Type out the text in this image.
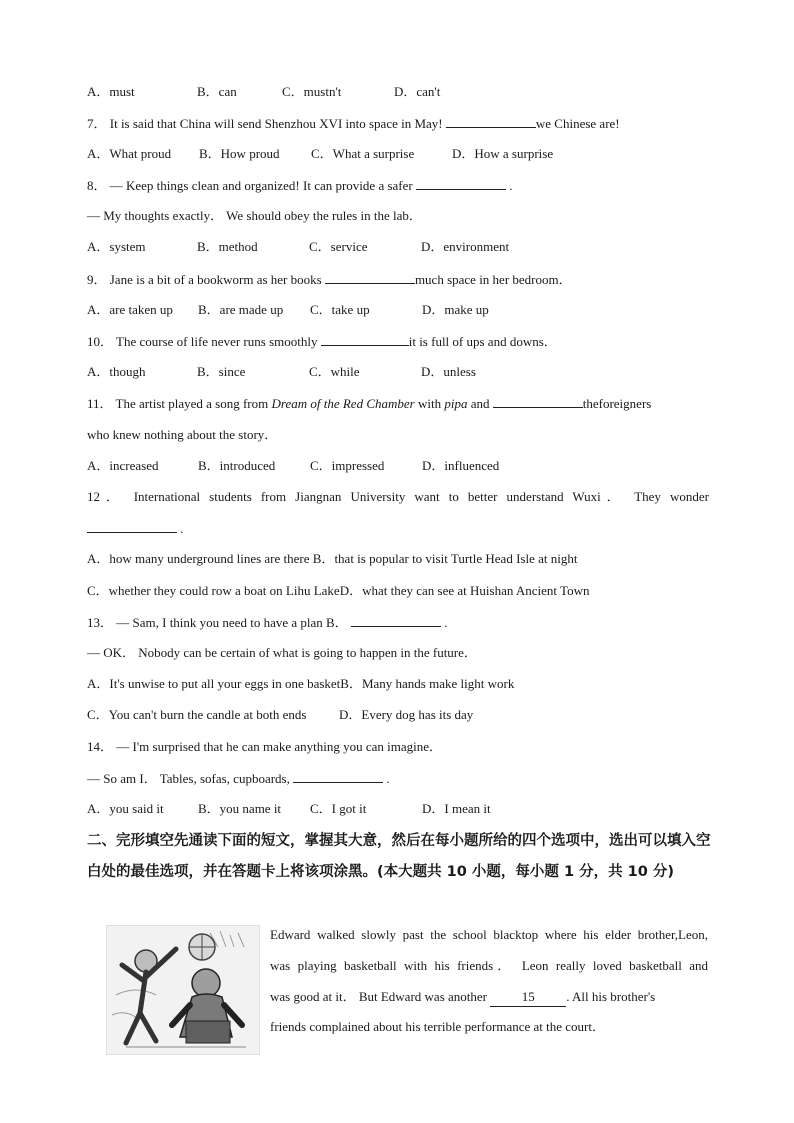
A．must	B．can	C．mustn't	D．can't
7． It is said that China will send Shenzhou XVI into space in May!	we Chinese are!
A．What proud B．How proud C．What a surprise	D．How a surprise
8． — Keep things clean and organized! It can provide a safer	.
— My thoughts exactly． We should obey the rules in the lab．
A．system	B．method	C．service	D．environment
9． Jane is a bit of a bookworm as her books	much space in her bedroom．
A．are taken up B．are made up C．take up	D．make up
10． The course of life never runs smoothly	it is full of ups and downs．
A．though	B．since	C．while	D．unless
11． The artist played a song from Dream of the Red Chamber with pipa and	theforeigners
who knew nothing about the story．
A．increased	B．introduced	C．impressed	D．influenced
12． International students from Jiangnan University want to better understand Wuxi． They wonder
.
A．how many underground lines are there B．that is popular to visit Turtle Head Isle at night
C．whether they could row a boat on Lihu LakeD．what they can see at Huishan Ancient Town
13． — Sam, I think you need to have a plan B．	.
— OK． Nobody can be certain of what is going to happen in the future．
A．It's unwise to put all your eggs in one basketB．Many hands make light work
C．You can't burn the candle at both ends	D．Every dog has its day
14． — I'm surprised that he can make anything you can imagine．
— So am I． Tables, sofas, cupboards,	.
A．you said it	B．you name it C．I got it	D．I mean it
二、完形填空先通读下面的短文，掌握其大意，然后在每小题所给的四个选项中，选出可以填入空白处的最佳选项，并在答题卡上将该项涂黑。(本大题共 10 小题，每小题 1 分，共 10 分)
Edward walked slowly past the school blacktop where his elder brother,Leon,
was playing basketball with his friends． Leon really loved basketball and
was good at it． But Edward was another	15 . All his brother's
friends complained about his terrible performance at the court．
